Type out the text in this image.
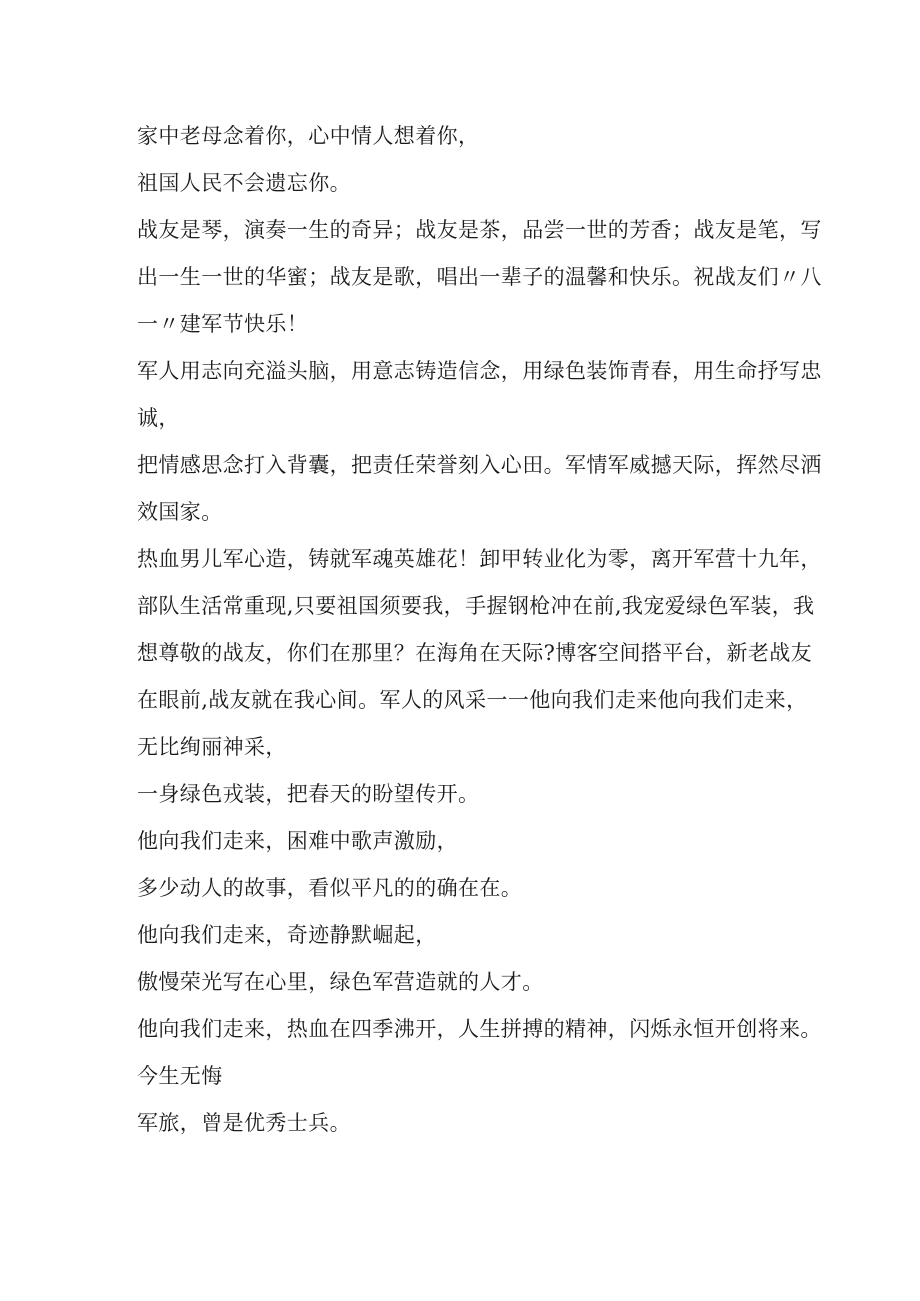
家中老母念着你，心中情人想着你，
祖国人民不会遗忘你。
战友是琴，演奏一生的奇异；战友是茶，品尝一世的芳香；战友是笔，写
出一生一世的华蜜；战友是歌，唱出一辈子的温馨和快乐。祝战友们〃八
一〃建军节快乐！
军人用志向充溢头脑，用意志铸造信念，用绿色装饰青春，用生命抒写忠
诚，
把情感思念打入背囊，把责任荣誉刻入心田。军情军威撼天际，挥然尽洒
效国家。
热血男儿军心造，铸就军魂英雄花！卸甲转业化为零，离开军营十九年，
部队生活常重现,只要祖国须要我，手握钢枪冲在前,我宠爱绿色军装，我
想尊敬的战友，你们在那里？在海角在天际?博客空间搭平台，新老战友
在眼前,战友就在我心间。军人的风采一一他向我们走来他向我们走来，
无比绚丽神采，
一身绿色戎装，把春天的盼望传开。
他向我们走来，困难中歌声激励，
多少动人的故事，看似平凡的的确在在。
他向我们走来，奇迹静默崛起，
傲慢荣光写在心里，绿色军营造就的人才。
他向我们走来，热血在四季沸开，人生拼搏的精神，闪烁永恒开创将来。
今生无悔
军旅，曾是优秀士兵。
